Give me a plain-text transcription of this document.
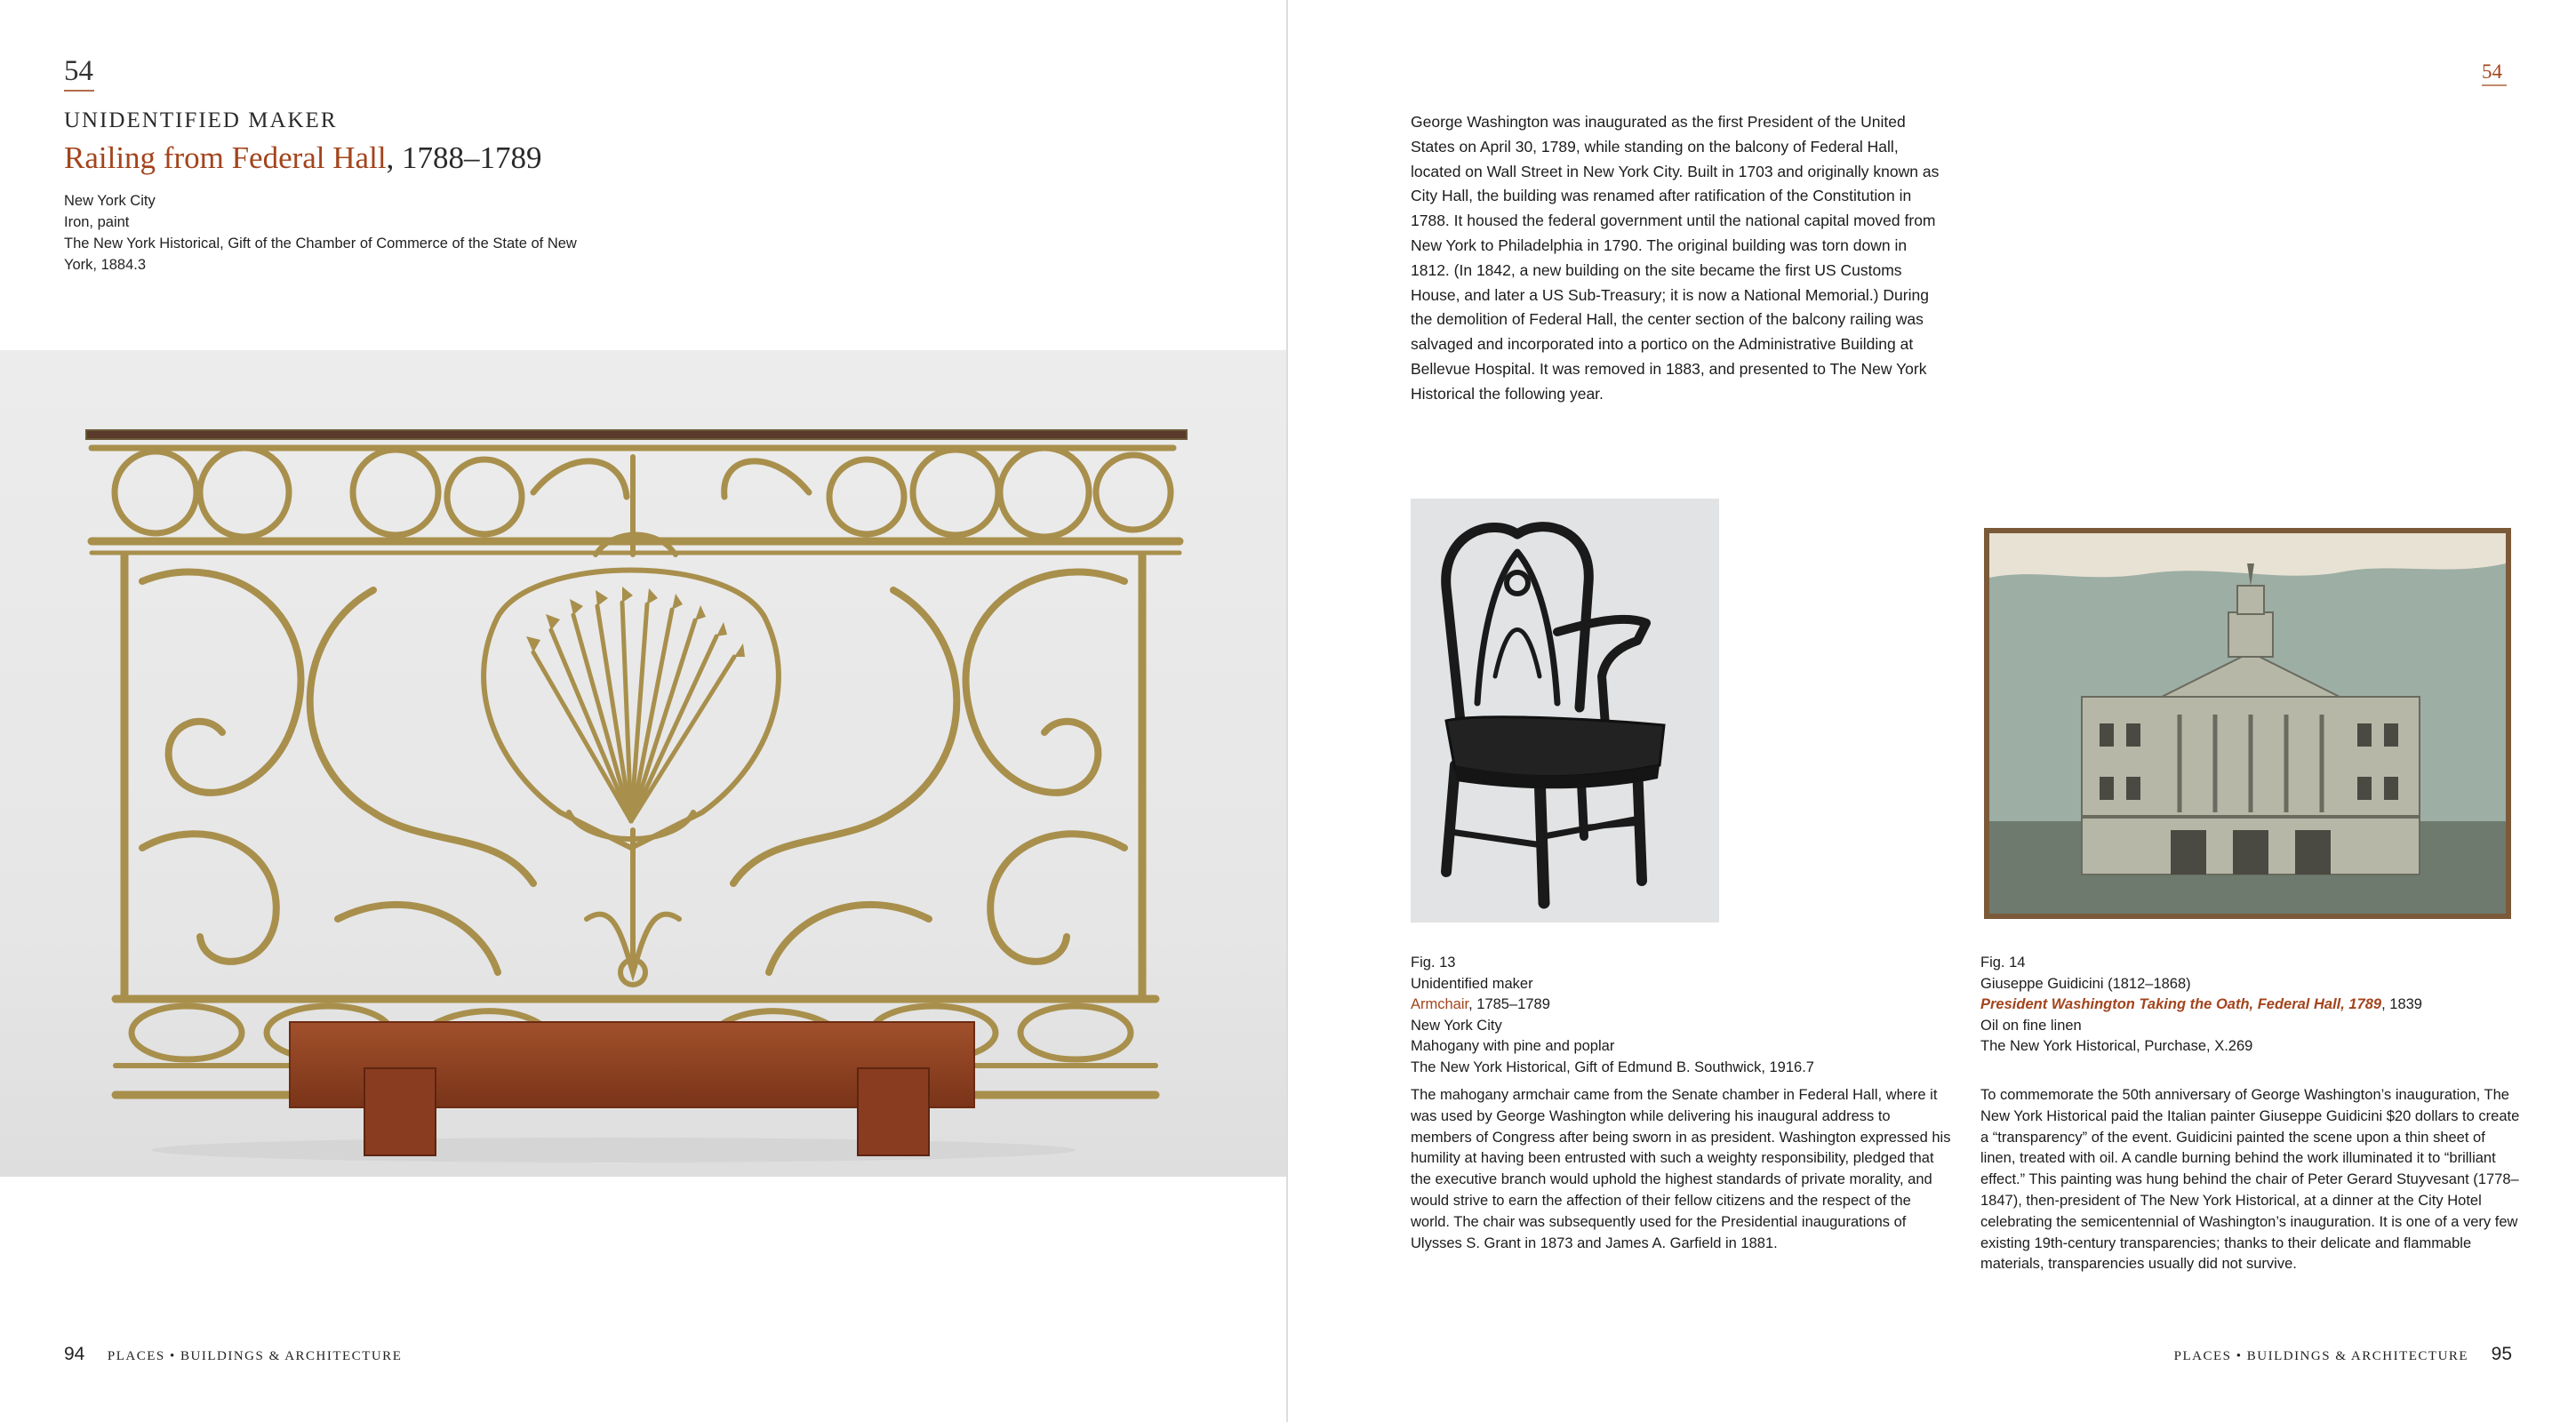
54
UNIDENTIFIED MAKER
Railing from Federal Hall, 1788–1789
New York City
Iron, paint
The New York Historical, Gift of the Chamber of Commerce of the State of New
York, 1884.3
94 PLACES • BUILDINGS & ARCHITECTURE
54
George Washington was inaugurated as the first President of the United States on April 30, 1789, while standing on the balcony of Federal Hall, located on Wall Street in New York City. Built in 1703 and originally known as City Hall, the building was renamed after ratification of the Constitution in 1788. It housed the federal government until the national capital moved from New York to Philadelphia in 1790. The original building was torn down in 1812. (In 1842, a new building on the site became the first US Customs House, and later a US Sub-Treasury; it is now a National Memorial.) During the demolition of Federal Hall, the center section of the balcony railing was salvaged and incorporated into a portico on the Administrative Building at Bellevue Hospital. It was removed in 1883, and presented to The New York Historical the following year.
Fig. 13
Unidentified maker
Armchair, 1785–1789
New York City
Mahogany with pine and poplar
The New York Historical, Gift of Edmund B. Southwick, 1916.7
The mahogany armchair came from the Senate chamber in Federal Hall, where it was used by George Washington while delivering his inaugural address to members of Congress after being sworn in as president. Washington expressed his humility at having been entrusted with such a weighty responsibility, pledged that the executive branch would uphold the highest standards of private morality, and would strive to earn the affection of their fellow citizens and the respect of the world. The chair was subsequently used for the Presidential inaugurations of Ulysses S. Grant in 1873 and James A. Garfield in 1881.
Fig. 14
Giuseppe Guidicini (1812–1868)
President Washington Taking the Oath, Federal Hall, 1789, 1839
Oil on fine linen
The New York Historical, Purchase, X.269
To commemorate the 50th anniversary of George Washington’s inauguration, The New York Historical paid the Italian painter Giuseppe Guidicini $20 dollars to create a “transparency” of the event. Guidicini painted the scene upon a thin sheet of linen, treated with oil. A candle burning behind the work illuminated it to “brilliant effect.” This painting was hung behind the chair of Peter Gerard Stuyvesant (1778–1847), then-president of The New York Historical, at a dinner at the City Hotel celebrating the semicentennial of Washington’s inauguration. It is one of a very few existing 19th-century transparencies; thanks to their delicate and flammable materials, transparencies usually did not survive.
PLACES • BUILDINGS & ARCHITECTURE 95
